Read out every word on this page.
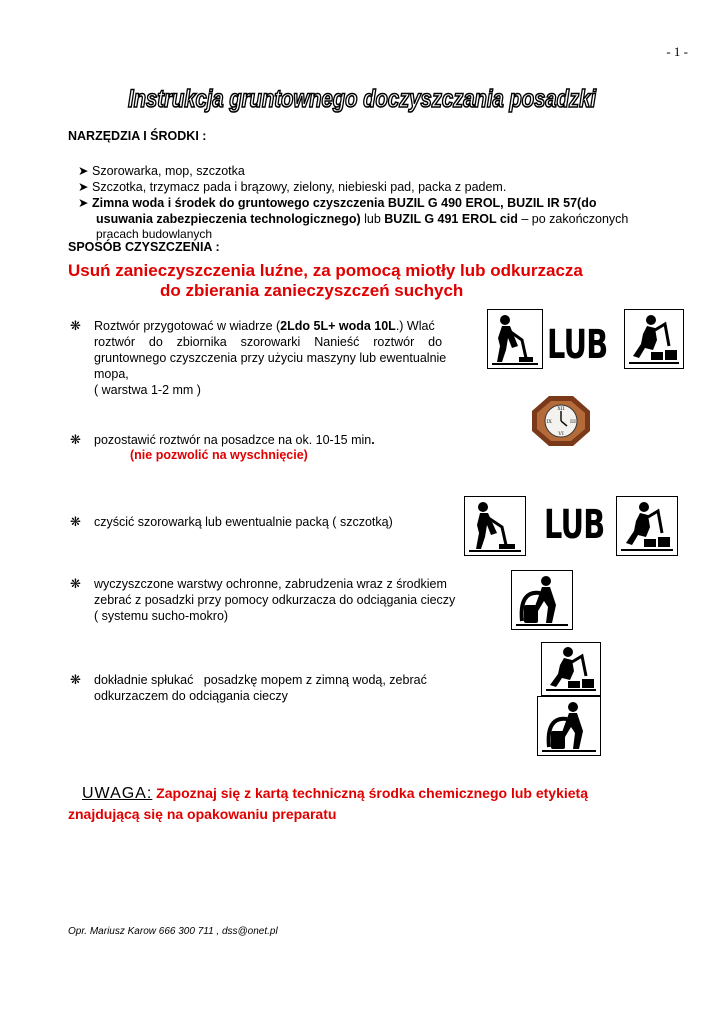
- 1 -
Instrukcja gruntownego doczyszczania posadzki
NARZĘDZIA I ŚRODKI :
➤ Szorowarka, mop, szczotka
➤ Szczotka, trzymacz pada i brązowy, zielony, niebieski pad, packa z padem.
➤ Zimna woda i środek do gruntowego czyszczenia BUZIL G 490 EROL, BUZIL IR 57(do
usuwania zabezpieczenia technologicznego) lub BUZIL G 491 EROL cid – po zakończonych
pracach budowlanych
SPOSÓB CZYSZCZENIA :
Usuń zanieczyszczenia luźne, za pomocą miotły lub odkurzacza
do zbierania zanieczyszczeń suchych
❋ Roztwór przygotować w wiadrze (2Ldo 5L+ woda 10L.) Wlać
roztwór    do    zbiornika    szorowarki    Nanieść    roztwór    do
gruntownego czyszczenia przy użyciu maszyny lub ewentualnie
mopa,
( warstwa 1-2 mm )
LUB
XII
III
VI
IX
❋ pozostawić roztwór na posadzce na ok. 10-15 min.
(nie pozwolić na wyschnięcie)
❋ czyścić szorowarką lub ewentualnie packą ( szczotką)	LUB
❋ wyczyszczone warstwy ochronne, zabrudzenia wraz z środkiem
zebrać z posadzki przy pomocy odkurzacza do odciągania cieczy
( systemu sucho-mokro)
❋ dokładnie spłukać   posadzkę mopem z zimną wodą, zebrać
odkurzaczem do odciągania cieczy
UWAGA: Zapoznaj się z kartą techniczną środka chemicznego lub etykietą
znajdującą się na opakowaniu preparatu
Opr. Mariusz Karow 666 300 711 , dss@onet.pl
